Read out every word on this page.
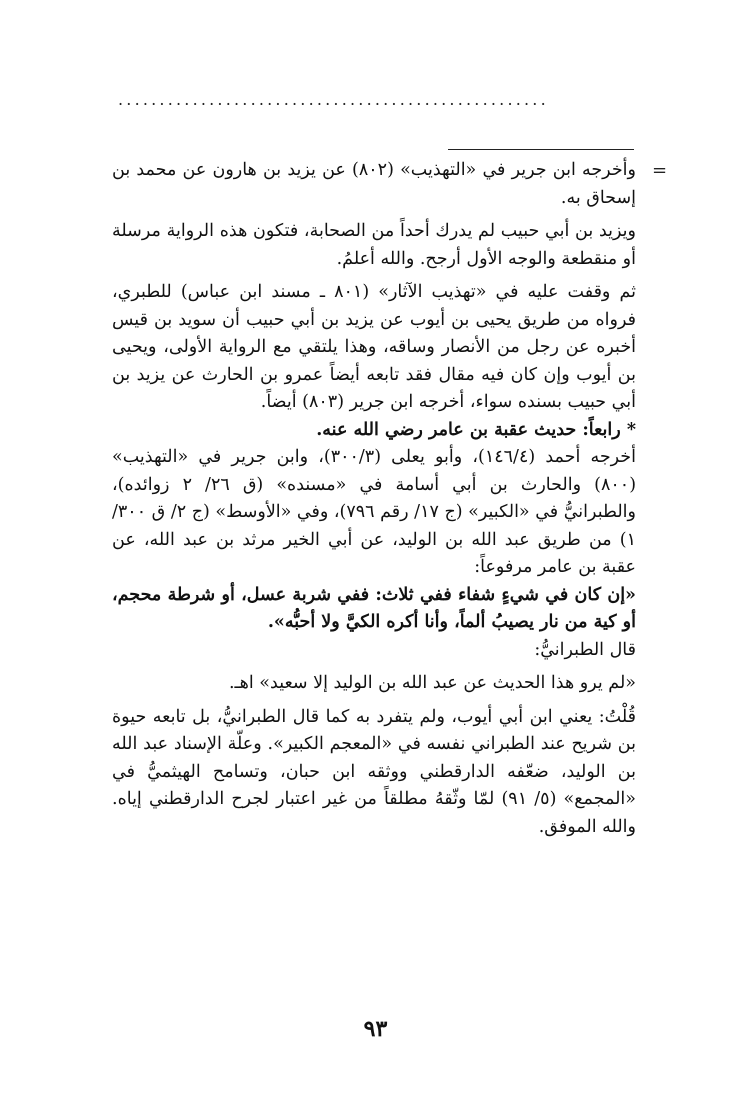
....................................................
=

وأخرجه ابن جرير في «التهذيب» (٨٠٢) عن يزيد بن هارون عن محمد بن إسحاق به.

ويزيد بن أبي حبيب لم يدرك أحداً من الصحابة، فتكون هذه الرواية مرسلة أو منقطعة والوجه الأول أرجح. والله أعلمُ.

ثم وقفت عليه في «تهذيب الآثار» (٨٠١ ـ مسند ابن عباس) للطبري، فرواه من طريق يحيى بن أيوب عن يزيد بن أبي حبيب أن سويد بن قيس أخبره عن رجل من الأنصار وساقه، وهذا يلتقي مع الرواية الأولى، ويحيى بن أيوب وإن كان فيه مقال فقد تابعه أيضاً عمرو بن الحارث عن يزيد بن أبي حبيب بسنده سواء، أخرجه ابن جرير (٨٠٣) أيضاً.

* رابعاً: حديث عقبة بن عامر رضي الله عنه.

أخرجه أحمد (١٤٦/٤)، وأبو يعلى (٣٠٠/٣)، وابن جرير في «التهذيب» (٨٠٠) والحارث بن أبي أسامة في «مسنده» (ق ٢٦/ ٢ زوائده)، والطبرانيُّ في «الكبير» (ج ١٧/ رقم ٧٩٦)، وفي «الأوسط» (ج ٢/ ق ٣٠٠/ ١) من طريق عبد الله بن الوليد، عن أبي الخير مرثد بن عبد الله، عن عقبة بن عامر مرفوعاً:

«إن كان في شيءٍ شفاء ففي ثلاث: ففي شربة عسل، أو شرطة محجم، أو كية من نار يصيبُ ألماً، وأنا أكره الكيَّ ولا أحبُّه».

قال الطبرانيُّ:

«لم يرو هذا الحديث عن عبد الله بن الوليد إلا سعيد» اهـ.

قُلْتُ: يعني ابن أبي أيوب، ولم يتفرد به كما قال الطبرانيُّ، بل تابعه حيوة بن شريح عند الطبراني نفسه في «المعجم الكبير». وعلّة الإسناد عبد الله بن الوليد، ضعّفه الدارقطني ووثقه ابن حبان، وتسامح الهيثميُّ في «المجمع» (٥/ ٩١) لمّا وثّقهُ مطلقاً من غير اعتبار لجرح الدارقطني إياه. والله الموفق.

٩٣
